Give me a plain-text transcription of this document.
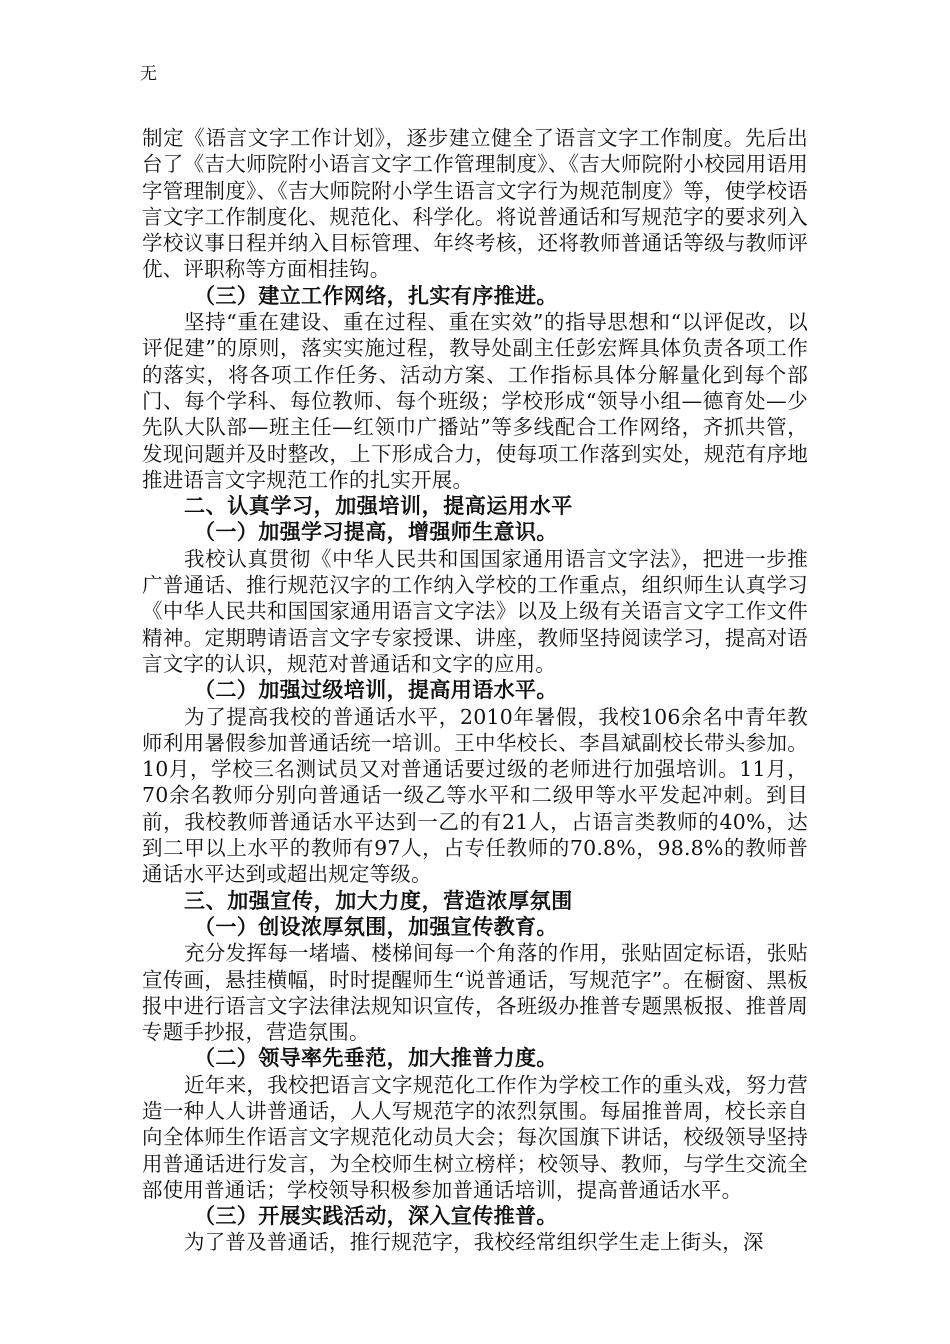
无

制定《语言文字工作计划》，逐步建立健全了语言文字工作制度。先后出台了《吉大师院附小语言文字工作管理制度》、《吉大师院附小校园用语用字管理制度》、《吉大师院附小学生语言文字行为规范制度》等，使学校语言文字工作制度化、规范化、科学化。将说普通话和写规范字的要求列入学校议事日程并纳入目标管理、年终考核，还将教师普通话等级与教师评优、评职称等方面相挂钩。

（三）建立工作网络，扎实有序推进。

坚持“重在建设、重在过程、重在实效”的指导思想和“以评促改，以评促建”的原则，落实实施过程，教导处副主任彭宏辉具体负责各项工作的落实，将各项工作任务、活动方案、工作指标具体分解量化到每个部门、每个学科、每位教师、每个班级；学校形成“领导小组—德育处—少先队大队部—班主任—红领巾广播站”等多线配合工作网络，齐抓共管，发现问题并及时整改，上下形成合力，使每项工作落到实处，规范有序地推进语言文字规范工作的扎实开展。

二、认真学习，加强培训，提高运用水平

（一）加强学习提高，增强师生意识。

我校认真贯彻《中华人民共和国国家通用语言文字法》，把进一步推广普通话、推行规范汉字的工作纳入学校的工作重点，组织师生认真学习《中华人民共和国国家通用语言文字法》以及上级有关语言文字工作文件精神。定期聘请语言文字专家授课、讲座，教师坚持阅读学习，提高对语言文字的认识，规范对普通话和文字的应用。

（二）加强过级培训，提高用语水平。

为了提高我校的普通话水平，2010年暑假，我校106余名中青年教师利用暑假参加普通话统一培训。王中华校长、李昌斌副校长带头参加。10月，学校三名测试员又对普通话要过级的老师进行加强培训。11月，70余名教师分别向普通话一级乙等水平和二级甲等水平发起冲刺。到目前，我校教师普通话水平达到一乙的有21人，占语言类教师的40%，达到二甲以上水平的教师有97人，占专任教师的70.8%，98.8%的教师普通话水平达到或超出规定等级。

三、加强宣传，加大力度，营造浓厚氛围

（一）创设浓厚氛围，加强宣传教育。

充分发挥每一堵墙、楼梯间每一个角落的作用，张贴固定标语，张贴宣传画，悬挂横幅，时时提醒师生“说普通话，写规范字”。在橱窗、黑板报中进行语言文字法律法规知识宣传，各班级办推普专题黑板报、推普周专题手抄报，营造氛围。

（二）领导率先垂范，加大推普力度。

近年来，我校把语言文字规范化工作作为学校工作的重头戏，努力营造一种人人讲普通话，人人写规范字的浓烈氛围。每届推普周，校长亲自向全体师生作语言文字规范化动员大会；每次国旗下讲话，校级领导坚持用普通话进行发言，为全校师生树立榜样；校领导、教师，与学生交流全部使用普通话；学校领导积极参加普通话培训，提高普通话水平。

（三）开展实践活动，深入宣传推普。

为了普及普通话，推行规范字，我校经常组织学生走上街头，深
